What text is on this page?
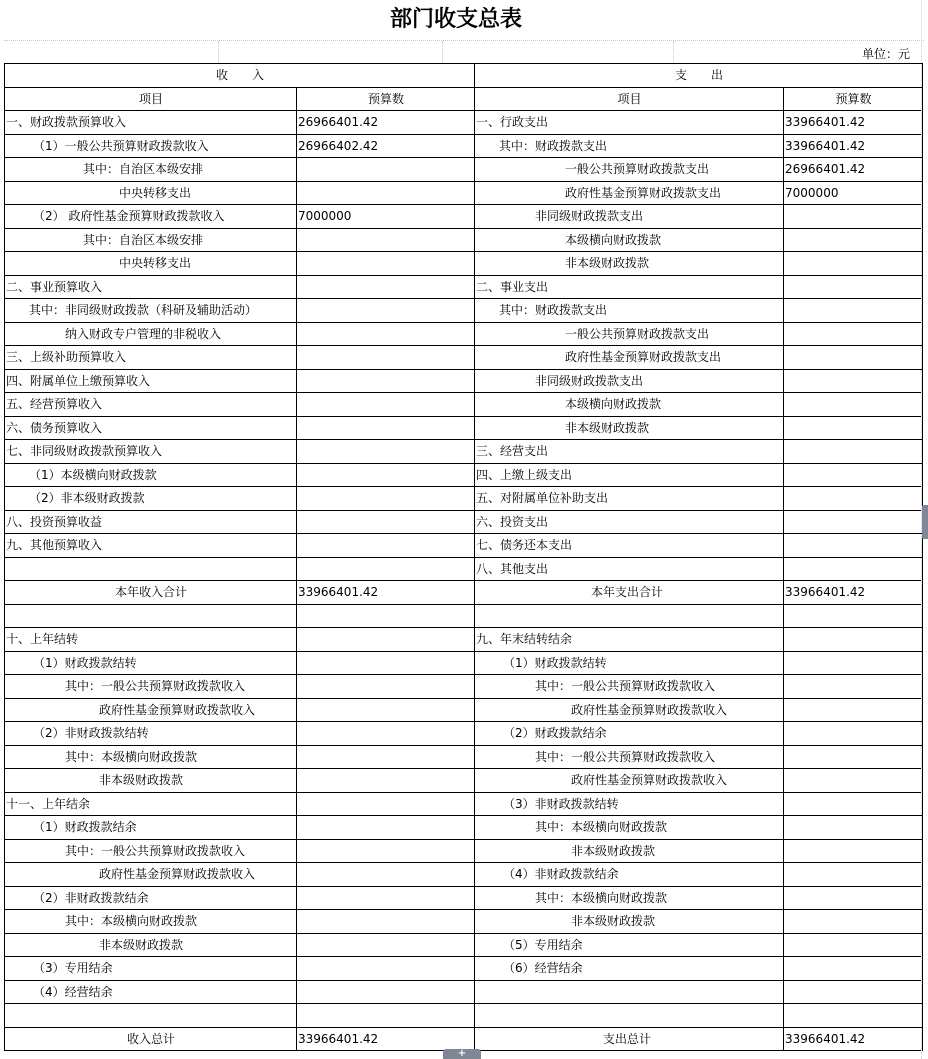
部门收支总表
单位：元
收　　入		支　　出	
项目	预算数	项目	预算数
一、财政拨款预算收入	26966401.42	一、行政支出	33966401.42
（1）一般公共预算财政拨款收入	26966402.42	其中：财政拨款支出	33966401.42
其中：自治区本级安排		一般公共预算财政拨款支出	26966401.42
中央转移支出		政府性基金预算财政拨款支出	7000000
（2） 政府性基金预算财政拨款收入	7000000	非同级财政拨款支出	
其中：自治区本级安排		本级横向财政拨款	
中央转移支出		非本级财政拨款	
二、事业预算收入		二、事业支出	
其中：非同级财政拨款（科研及辅助活动）		其中：财政拨款支出	
纳入财政专户管理的非税收入		一般公共预算财政拨款支出	
三、上级补助预算收入		政府性基金预算财政拨款支出	
四、附属单位上缴预算收入		非同级财政拨款支出	
五、经营预算收入		本级横向财政拨款	
六、债务预算收入		非本级财政拨款	
七、非同级财政拨款预算收入		三、经营支出	
（1）本级横向财政拨款		四、上缴上级支出	
（2）非本级财政拨款		五、对附属单位补助支出	
八、投资预算收益		六、投资支出	
九、其他预算收入		七、债务还本支出	
		八、其他支出	
本年收入合计	33966401.42	本年支出合计	33966401.42

十、上年结转		九、年末结转结余	
（1）财政拨款结转		（1）财政拨款结转	
其中：一般公共预算财政拨款收入		其中：一般公共预算财政拨款收入	
政府性基金预算财政拨款收入		政府性基金预算财政拨款收入	
（2）非财政拨款结转		（2）财政拨款结余	
其中：本级横向财政拨款		其中：一般公共预算财政拨款收入	
非本级财政拨款		政府性基金预算财政拨款收入	
十一、上年结余		（3）非财政拨款结转	
（1）财政拨款结余		其中：本级横向财政拨款	
其中：一般公共预算财政拨款收入		非本级财政拨款	
政府性基金预算财政拨款收入		（4）非财政拨款结余	
（2）非财政拨款结余		其中：本级横向财政拨款	
其中：本级横向财政拨款		非本级财政拨款	
非本级财政拨款		（5）专用结余	
（3）专用结余		（6）经营结余	
（4）经营结余			

收入总计	33966401.42	支出总计	33966401.42
+
